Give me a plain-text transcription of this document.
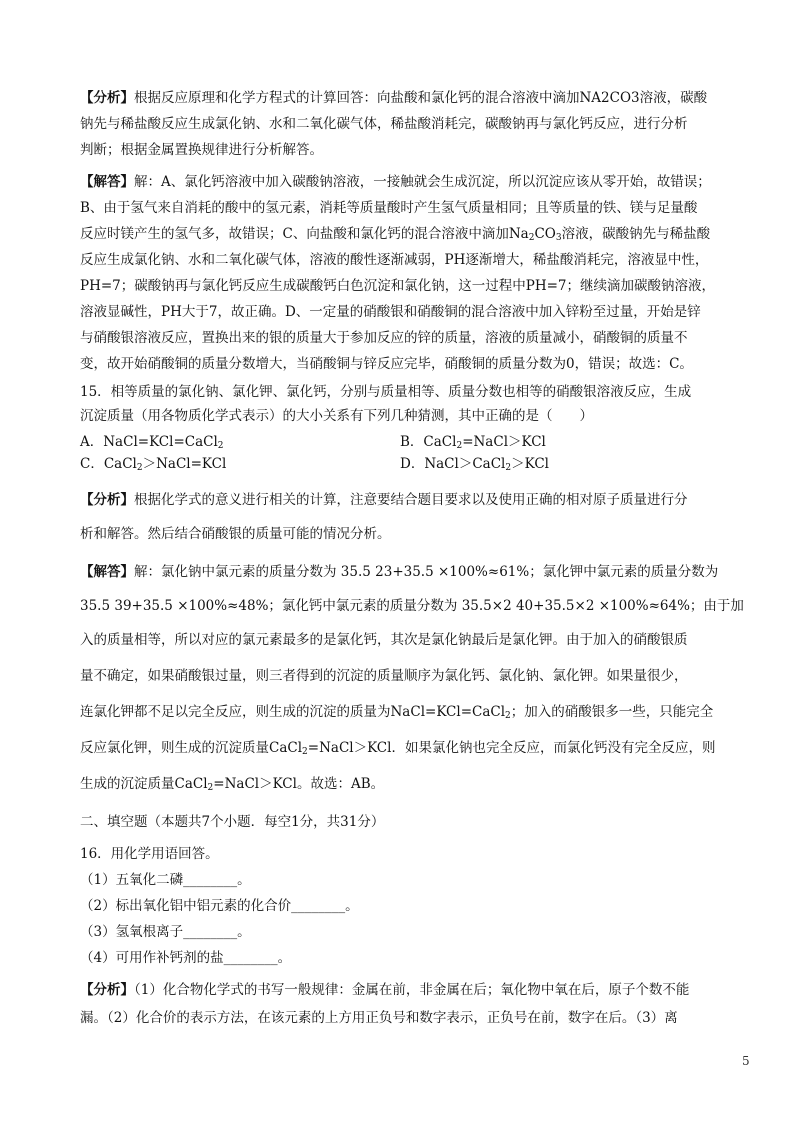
【分析】根据反应原理和化学方程式的计算回答：向盐酸和氯化钙的混合溶液中滴加NA2CO3溶液，碳酸
钠先与稀盐酸反应生成氯化钠、水和二氧化碳气体，稀盐酸消耗完，碳酸钠再与氯化钙反应，进行分析
判断；根据金属置换规律进行分析解答。
【解答】解：A、氯化钙溶液中加入碳酸钠溶液，一接触就会生成沉淀，所以沉淀应该从零开始，故错误；
B、由于氢气来自消耗的酸中的氢元素，消耗等质量酸时产生氢气质量相同；且等质量的铁、镁与足量酸
反应时镁产生的氢气多，故错误；C、向盐酸和氯化钙的混合溶液中滴加$Na_2CO_3$溶液，碳酸钠先与稀盐酸
反应生成氯化钠、水和二氧化碳气体，溶液的酸性逐渐减弱，PH逐渐增大，稀盐酸消耗完，溶液显中性，
PH=7；碳酸钠再与氯化钙反应生成碳酸钙白色沉淀和氯化钠，这一过程中PH=7；继续滴加碳酸钠溶液，
溶液显碱性，PH大于7，故正确。D、一定量的硝酸银和硝酸铜的混合溶液中加入锌粉至过量，开始是锌
与硝酸银溶液反应，置换出来的银的质量大于参加反应的锌的质量，溶液的质量减小，硝酸铜的质量不
变，故开始硝酸铜的质量分数增大，当硝酸铜与锌反应完毕，硝酸铜的质量分数为0，错误；故选：C。
15．相等质量的氯化钠、氯化钾、氯化钙，分别与质量相等、质量分数也相等的硝酸银溶液反应，生成
沉淀质量（用各物质化学式表示）的大小关系有下列几种猜测，其中正确的是（　　）
A．NaCl=KCl=CaCl$_2$	B．CaCl$_2$=NaCl＞KCl
C．CaCl$_2$＞NaCl=KCl	D．NaCl＞CaCl$_2$＞KCl
【分析】根据化学式的意义进行相关的计算，注意要结合题目要求以及使用正确的相对原子质量进行分
析和解答。然后结合硝酸银的质量可能的情况分析。
【解答】解：氯化钠中氯元素的质量分数为 35.5 23+35.5 ×100%≈61%；氯化钾中氯元素的质量分数为
35.5 39+35.5 ×100%≈48%；氯化钙中氯元素的质量分数为 35.5×2 40+35.5×2 ×100%≈64%；由于加
入的质量相等，所以对应的氯元素最多的是氯化钙，其次是氯化钠最后是氯化钾。由于加入的硝酸银质
量不确定，如果硝酸银过量，则三者得到的沉淀的质量顺序为氯化钙、氯化钠、氯化钾。如果量很少，
连氯化钾都不足以完全反应，则生成的沉淀的质量为NaCl=KCl=CaCl$_2$；加入的硝酸银多一些，只能完全
反应氯化钾，则生成的沉淀质量CaCl$_2$=NaCl＞KCl．如果氯化钠也完全反应，而氯化钙没有完全反应，则
生成的沉淀质量CaCl$_2$=NaCl＞KCl。故选：AB。
二、填空题（本题共7个小题．每空1分，共31分）
16．用化学用语回答。
（1）五氧化二磷________。
（2）标出氧化铝中铝元素的化合价________。
（3）氢氧根离子________。
（4）可用作补钙剂的盐________。
【分析】（1）化合物化学式的书写一般规律：金属在前，非金属在后；氧化物中氧在后，原子个数不能
漏。（2）化合价的表示方法，在该元素的上方用正负号和数字表示，正负号在前，数字在后。（3）离
5
